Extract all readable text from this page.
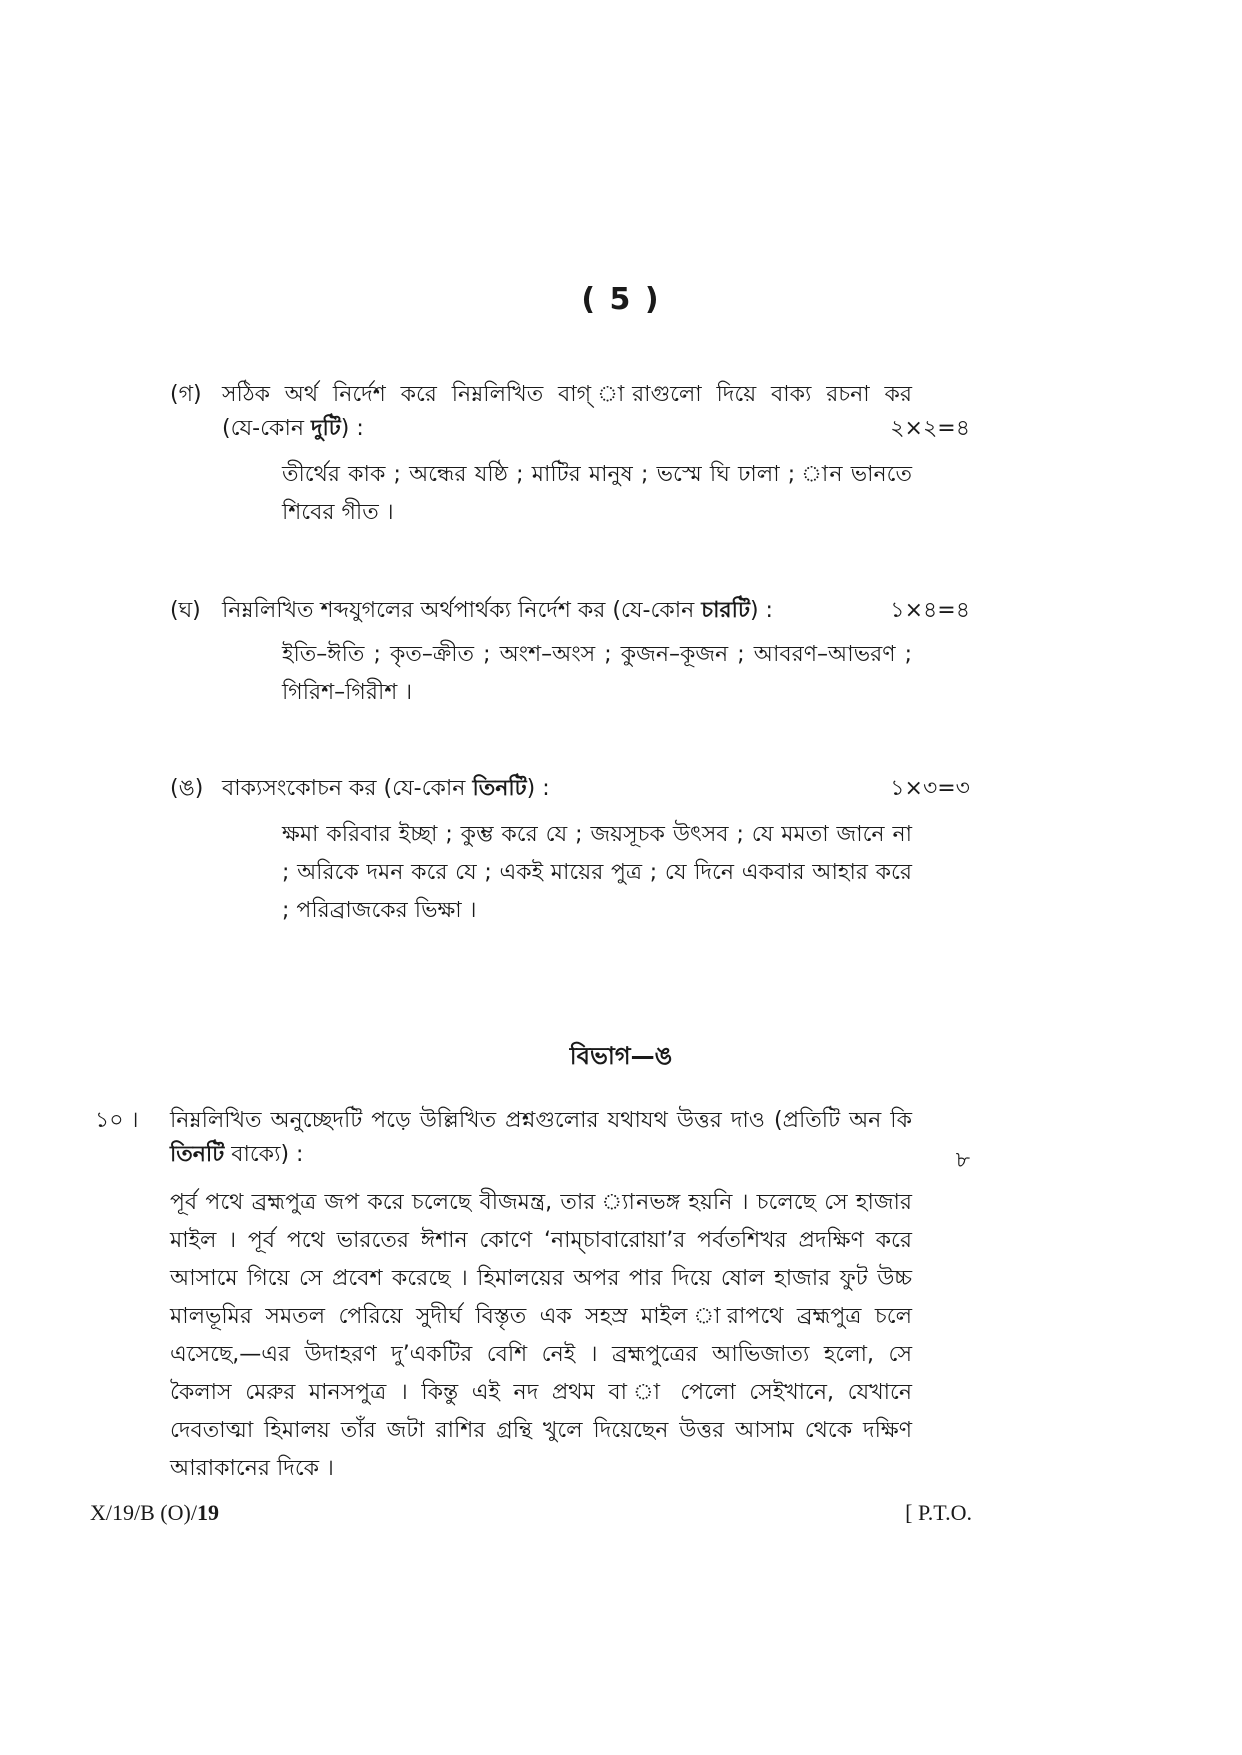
( 5 )
(গ) সঠিক অর্থ নির্দেশ করে নিম্নলিখিত বাগ্‌ ারাগুলো দিয়ে বাক্য রচনা কর
(যে-কোন দুটি) :	২×২=৪
তীর্থের কাক ; অন্ধের যষ্ঠি ; মাটির মানুষ ; ভস্মে ঘি ঢালা ; ান ভানতে শিবের গীত ।
(ঘ) নিম্নলিখিত শব্দযুগলের অর্থপার্থক্য নির্দেশ কর (যে-কোন চারটি) :	১×৪=৪
ইতি–ঈতি ; কৃত–ক্রীত ; অংশ–অংস ; কুজন–কূজন ; আবরণ–আভরণ ; গিরিশ–গিরীশ ।
(ঙ) বাক্যসংকোচন কর (যে-কোন তিনটি) :	১×৩=৩
ক্ষমা করিবার ইচ্ছা ; কুম্ভ করে যে ; জয়সূচক উৎসব ; যে মমতা জানে না ; অরিকে দমন করে যে ; একই মায়ের পুত্র ; যে দিনে একবার আহার করে ; পরিব্রাজকের ভিক্ষা ।
বিভাগ—ঙ
১০ । নিম্নলিখিত অনুচ্ছেদটি পড়ে উল্লিখিত প্রশ্নগুলোর যথাযথ উত্তর দাও (প্রতিটি অন কি
তিনটি বাক্যে) :	৮
পূর্ব পথে ব্রহ্মপুত্র জপ করে চলেছে বীজমন্ত্র, তার ্যানভঙ্গ হয়নি । চলেছে সে হাজার মাইল । পূর্ব পথে ভারতের ঈশান কোণে ‘নাম্চাবারোয়া’র পর্বতশিখর প্রদক্ষিণ করে আসামে গিয়ে সে প্রবেশ করেছে । হিমালয়ের অপর পার দিয়ে ষোল হাজার ফুট উচ্চ মালভূমির সমতল পেরিয়ে সুদীর্ঘ বিস্তৃত এক সহস্র মাইল ারাপথে ব্রহ্মপুত্র চলে এসেছে,—এর উদাহরণ দু’একটির বেশি নেই । ব্রহ্মপুত্রের আভিজাত্য হলো, সে কৈলাস মেরুর মানসপুত্র । কিন্তু এই নদ প্রথম বা া পেলো সেইখানে, যেখানে দেবতাত্মা হিমালয় তাঁর জটা রাশির গ্রন্থি খুলে দিয়েছেন উত্তর আসাম থেকে দক্ষিণ আরাকানের দিকে ।
X/19/B (O)/19	[ P.T.O.
